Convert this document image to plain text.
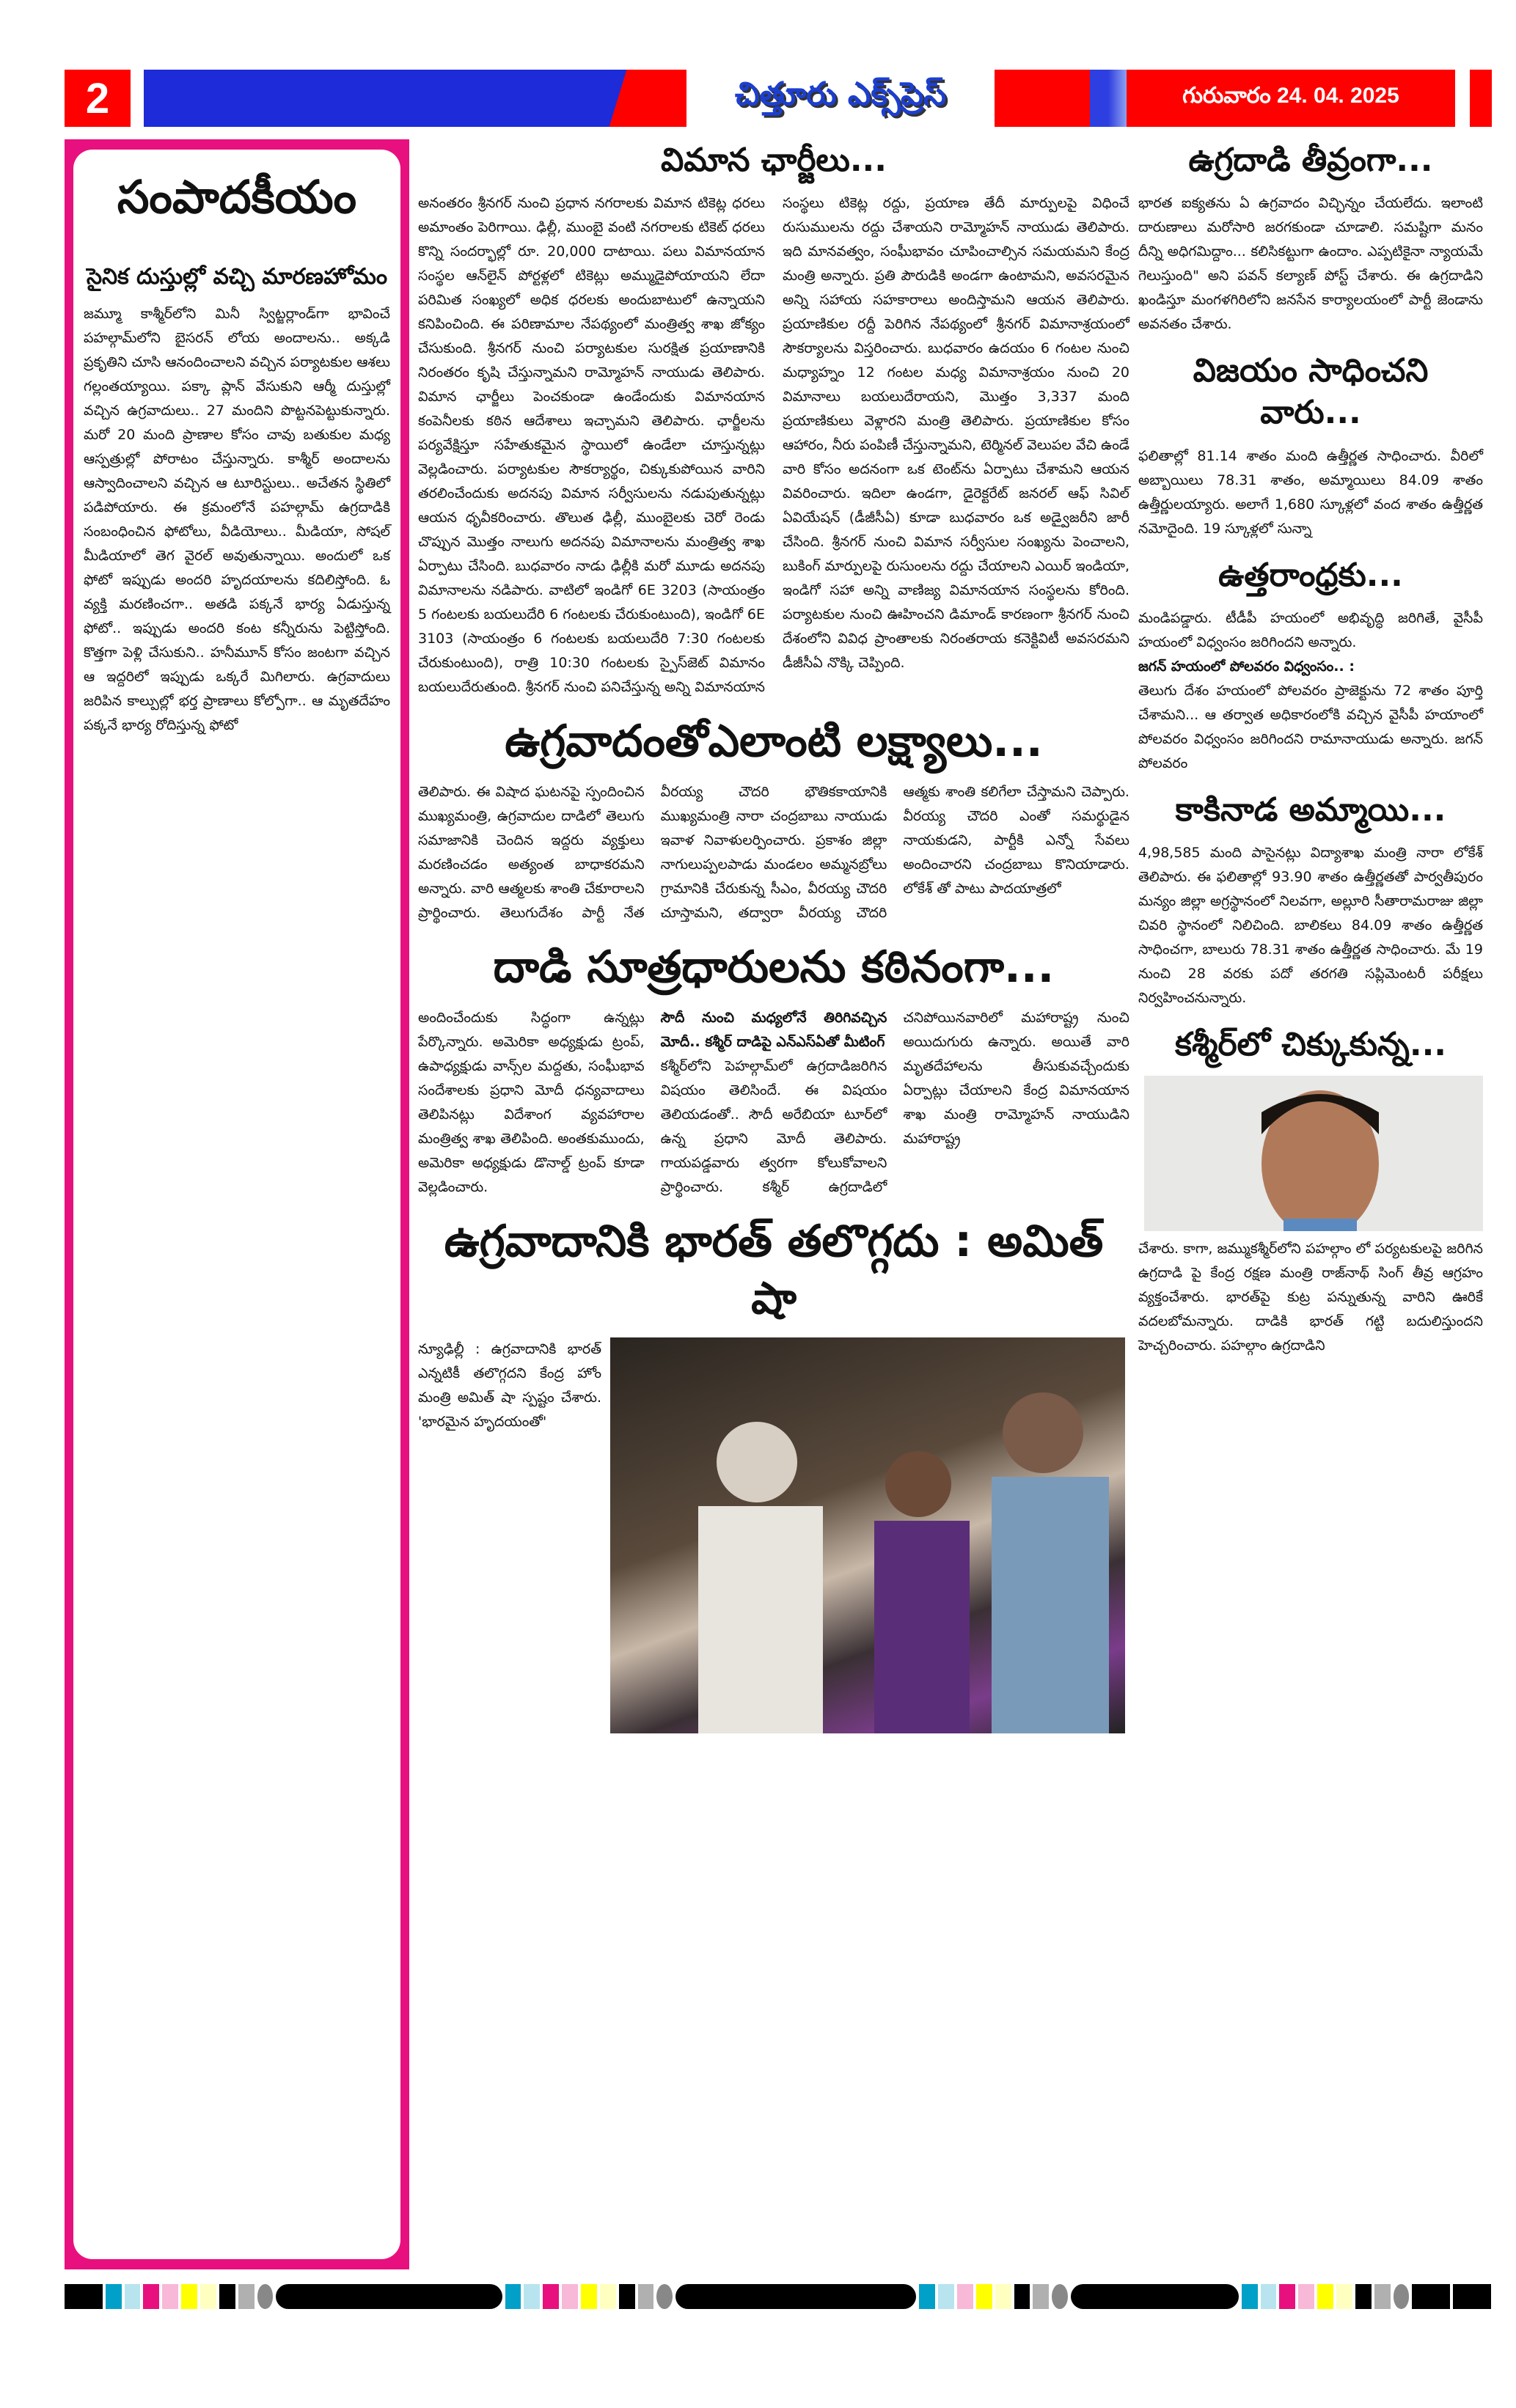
2	చిత్తూరు ఎక్స్‌ప్రెస్	గురువారం 24. 04. 2025
సంపాదకీయం
సైనిక దుస్తుల్లో వచ్చి మారణహోమం

జమ్మూ కాశ్మీర్‌లోని మినీ స్విట్జర్లాండ్‌గా భావించే పహల్గామ్‌లోని బైసరన్ లోయ అందాలను.. అక్కడి ప్రకృతిని చూసి ఆనందించాలని వచ్చిన పర్యాటకుల ఆశలు గల్లంతయ్యాయి. పక్కా ప్లాన్ వేసుకుని ఆర్మీ దుస్తుల్లో వచ్చిన ఉగ్రవాదులు.. 27 మందిని పొట్టనపెట్టుకున్నారు. మరో 20 మంది ప్రాణాల కోసం చావు బతుకుల మధ్య ఆస్పత్రుల్లో పోరాటం చేస్తున్నారు. కాశ్మీర్ అందాలను ఆస్వాదించాలని వచ్చిన ఆ టూరిస్టులు.. అచేతన స్థితిలో పడిపోయారు. ఈ క్రమంలోనే పహల్గామ్ ఉగ్రదాడికి సంబంధించిన ఫోటోలు, వీడియోలు.. మీడియా, సోషల్ మీడియాలో తెగ వైరల్ అవుతున్నాయి. అందులో ఒక ఫోటో ఇప్పుడు అందరి హృదయాలను కదిలిస్తోంది. ఓ వ్యక్తి మరణించగా.. అతడి పక్కనే భార్య ఏడుస్తున్న ఫోటో.. ఇప్పుడు అందరి కంట కన్నీరును పెట్టిస్తోంది. కొత్తగా పెళ్లి చేసుకుని.. హనీమూన్ కోసం జంటగా వచ్చిన ఆ ఇద్దరిలో ఇప్పుడు ఒక్కరే మిగిలారు. ఉగ్రవాదులు జరిపిన కాల్పుల్లో భర్త ప్రాణాలు కోల్పోగా.. ఆ మృతదేహం పక్కనే భార్య రోదిస్తున్న ఫోటో

విమాన ఛార్జీలు...
అనంతరం శ్రీనగర్ నుంచి ప్రధాన నగరాలకు విమాన టికెట్ల ధరలు అమాంతం పెరిగాయి. ఢిల్లీ, ముంబై వంటి నగరాలకు టికెట్ ధరలు కొన్ని సందర్భాల్లో రూ. 20,000 దాటాయి. పలు విమానయాన సంస్థల ఆన్‌లైన్ పోర్టళ్లలో టికెట్లు అమ్ముడైపోయాయని లేదా పరిమిత సంఖ్యలో అధిక ధరలకు అందుబాటులో ఉన్నాయని కనిపించింది. ఈ పరిణామాల నేపథ్యంలో మంత్రిత్వ శాఖ జోక్యం చేసుకుంది. శ్రీనగర్ నుంచి పర్యాటకుల సురక్షిత ప్రయాణానికి నిరంతరం కృషి చేస్తున్నామని రామ్మోహన్ నాయుడు తెలిపారు. విమాన ఛార్జీలు పెంచకుండా ఉండేందుకు విమానయాన కంపెనీలకు కఠిన ఆదేశాలు ఇచ్చామని తెలిపారు. ఛార్జీలను పర్యవేక్షిస్తూ సహేతుకమైన స్థాయిలో ఉండేలా చూస్తున్నట్లు వెల్లడించారు. పర్యాటకుల సౌకర్యార్థం, చిక్కుకుపోయిన వారిని తరలించేందుకు అదనపు విమాన సర్వీసులను నడుపుతున్నట్లు ఆయన ధృవీకరించారు. తొలుత ఢిల్లీ, ముంబైలకు చెరో రెండు చొప్పున మొత్తం నాలుగు అదనపు విమానాలను మంత్రిత్వ శాఖ ఏర్పాటు చేసింది. బుధవారం నాడు ఢిల్లీకి మరో మూడు అదనపు విమానాలను నడిపారు. వాటిలో ఇండిగో 6E 3203 (సాయంత్రం 5 గంటలకు బయలుదేరి 6 గంటలకు చేరుకుంటుంది), ఇండిగో 6E 3103 (సాయంత్రం 6 గంటలకు బయలుదేరి 7:30 గంటలకు చేరుకుంటుంది), రాత్రి 10:30 గంటలకు స్పైస్‌జెట్ విమానం బయలుదేరుతుంది. శ్రీనగర్ నుంచి పనిచేస్తున్న అన్ని విమానయాన సంస్థలు టికెట్ల రద్దు, ప్రయాణ తేదీ మార్పులపై విధించే రుసుములను రద్దు చేశాయని రామ్మోహన్ నాయుడు తెలిపారు. ఇది మానవత్వం, సంఘీభావం చూపించాల్సిన సమయమని కేంద్ర మంత్రి అన్నారు. ప్రతి పౌరుడికి అండగా ఉంటామని, అవసరమైన అన్ని సహాయ సహకారాలు అందిస్తామని ఆయన తెలిపారు. ప్రయాణికుల రద్దీ పెరిగిన నేపథ్యంలో శ్రీనగర్ విమానాశ్రయంలో సౌకర్యాలను విస్తరించారు. బుధవారం ఉదయం 6 గంటల నుంచి మధ్యాహ్నం 12 గంటల మధ్య విమానాశ్రయం నుంచి 20 విమానాలు బయలుదేరాయని, మొత్తం 3,337 మంది ప్రయాణికులు వెళ్లారని మంత్రి తెలిపారు. ప్రయాణికుల కోసం ఆహారం, నీరు పంపిణీ చేస్తున్నామని, టెర్మినల్ వెలుపల వేచి ఉండే వారి కోసం అదనంగా ఒక టెంట్‌ను ఏర్పాటు చేశామని ఆయన వివరించారు. ఇదిలా ఉండగా, డైరెక్టరేట్ జనరల్ ఆఫ్ సివిల్ ఏవియేషన్ (డీజీసీఏ) కూడా బుధవారం ఒక అడ్వైజరీని జారీ చేసింది. శ్రీనగర్ నుంచి విమాన సర్వీసుల సంఖ్యను పెంచాలని, బుకింగ్ మార్పులపై రుసుంలను రద్దు చేయాలని ఎయిర్ ఇండియా, ఇండిగో సహా అన్ని వాణిజ్య విమానయాన సంస్థలను కోరింది. పర్యాటకుల నుంచి ఊహించని డిమాండ్ కారణంగా శ్రీనగర్ నుంచి దేశంలోని వివిధ ప్రాంతాలకు నిరంతరాయ కనెక్టివిటీ అవసరమని డీజీసీఏ నొక్కి చెప్పింది.
ఉగ్రవాదంతోఎలాంటి లక్ష్యాలు...
తెలిపారు. ఈ విషాద ఘటనపై స్పందించిన ముఖ్యమంత్రి, ఉగ్రవాదుల దాడిలో తెలుగు సమాజానికి చెందిన ఇద్దరు వ్యక్తులు మరణించడం అత్యంత బాధాకరమని అన్నారు. వారి ఆత్మలకు శాంతి చేకూరాలని ప్రార్థించారు. తెలుగుదేశం పార్టీ నేత వీరయ్య చౌదరి భౌతికకాయానికి ముఖ్యమంత్రి నారా చంద్రబాబు నాయుడు ఇవాళ నివాళులర్పించారు. ప్రకాశం జిల్లా నాగులుప్పలపాడు మండలం అమ్మనబ్రోలు గ్రామానికి చేరుకున్న సీఎం, వీరయ్య చౌదరి చూస్తామని, తద్వారా వీరయ్య చౌదరి ఆత్మకు శాంతి కలిగేలా చేస్తామని చెప్పారు. వీరయ్య చౌదరి ఎంతో సమర్థుడైన నాయకుడని, పార్టీకి ఎన్నో సేవలు అందించారని చంద్రబాబు కొనియాడారు. లోకేశ్ తో పాటు పాదయాత్రలో
దాడి సూత్రధారులను కఠినంగా...
అందించేందుకు సిద్ధంగా ఉన్నట్లు పేర్కొన్నారు. అమెరికా అధ్యక్షుడు ట్రంప్, ఉపాధ్యక్షుడు వాన్స్‌ల మద్దతు, సంఘీభావ సందేశాలకు ప్రధాని మోదీ ధన్యవాదాలు తెలిపినట్లు విదేశాంగ వ్యవహారాల మంత్రిత్వ శాఖ తెలిపింది. అంతకుముందు, అమెరికా అధ్యక్షుడు డొనాల్డ్ ట్రంప్ కూడా వెల్లడించారు.
సౌదీ నుంచి మధ్యలోనే తిరిగివచ్చిన మోదీ.. కశ్మీర్ దాడిపై ఎన్ఎస్ఏతో మీటింగ్
కశ్మీర్‌లోని పెహల్గామ్‌లో ఉగ్రదాడిజరిగిన విషయం తెలిసిందే. ఈ విషయం తెలియడంతో.. సౌదీ అరేబియా టూర్‌లో ఉన్న ప్రధాని మోదీ తెలిపారు. గాయపడ్డవారు త్వరగా కోలుకోవాలని ప్రార్థించారు. కశ్మీర్ ఉగ్రదాడిలో చనిపోయినవారిలో మహారాష్ట్ర నుంచి అయిదుగురు ఉన్నారు. అయితే వారి మృతదేహాలను తీసుకువచ్చేందుకు ఏర్పాట్లు చేయాలని కేంద్ర విమానయాన శాఖ మంత్రి రామ్మోహన్ నాయుడిని మహారాష్ట్ర
ఉగ్రవాదానికి భారత్ తలొగ్గదు : అమిత్ షా
న్యూఢిల్లీ : ఉగ్రవాదానికి భారత్ ఎన్నటికీ తలొగ్గదని కేంద్ర హోం మంత్రి అమిత్ షా స్పష్టం చేశారు. 'భారమైన హృదయంతో'
ఉగ్రదాడి తీవ్రంగా...
భారత ఐక్యతను ఏ ఉగ్రవాదం విచ్ఛిన్నం చేయలేదు. ఇలాంటి దారుణాలు మరోసారి జరగకుండా చూడాలి. సమష్టిగా మనం దీన్ని అధిగమిద్దాం... కలిసికట్టుగా ఉందాం. ఎప్పటికైనా న్యాయమే గెలుస్తుంది" అని పవన్ కల్యాణ్ పోస్ట్ చేశారు. ఈ ఉగ్రదాడిని ఖండిస్తూ మంగళగిరిలోని జనసేన కార్యాలయంలో పార్టీ జెండాను అవనతం చేశారు.
విజయం సాధించని వారు...
ఫలితాల్లో 81.14 శాతం మంది ఉత్తీర్ణత సాధించారు. వీరిలో అబ్బాయిలు 78.31 శాతం, అమ్మాయిలు 84.09 శాతం ఉత్తీర్ణులయ్యారు. అలాగే 1,680 స్కూళ్లలో వంద శాతం ఉత్తీర్ణత నమోదైంది. 19 స్కూళ్లలో సున్నా
ఉత్తరాంధ్రకు...
మండిపడ్డారు. టీడీపీ హయంలో అభివృద్ధి జరిగితే, వైసీపీ హయంలో విధ్వంసం జరిగిందని అన్నారు.
జగన్ హయంలో పోలవరం విధ్వంసం.. :
తెలుగు దేశం హయంలో పోలవరం ప్రాజెక్టును 72 శాతం పూర్తి చేశామని... ఆ తర్వాత అధికారంలోకి వచ్చిన వైసీపీ హయాంలో పోలవరం విధ్వంసం జరిగిందని రామానాయుడు అన్నారు. జగన్ పోలవరం
కాకినాడ అమ్మాయి...
4,98,585 మంది పాసైనట్లు విద్యాశాఖ మంత్రి నారా లోకేశ్ తెలిపారు. ఈ ఫలితాల్లో 93.90 శాతం ఉత్తీర్ణతతో పార్వతీపురం మన్యం జిల్లా అగ్రస్థానంలో నిలవగా, అల్లూరి సీతారామరాజు జిల్లా చివరి స్థానంలో నిలిచింది. బాలికలు 84.09 శాతం ఉత్తీర్ణత సాధించగా, బాలురు 78.31 శాతం ఉత్తీర్ణత సాధించారు. మే 19 నుంచి 28 వరకు పదో తరగతి సప్లిమెంటరీ పరీక్షలు నిర్వహించనున్నారు.
కశ్మీర్‌లో చిక్కుకున్న...
చేశారు. కాగా, జమ్ముకశ్మీర్‌లోని పహల్గాం లో పర్యటకులపై జరిగిన ఉగ్రదాడి పై కేంద్ర రక్షణ మంత్రి రాజ్‌నాథ్ సింగ్ తీవ్ర ఆగ్రహం వ్యక్తంచేశారు. భారత్‌పై కుట్ర పన్నుతున్న వారిని ఊరికే వదలబోమన్నారు. దాడికి భారత్ గట్టి బదులిస్తుందని హెచ్చరించారు. పహల్గాం ఉగ్రదాడిని
